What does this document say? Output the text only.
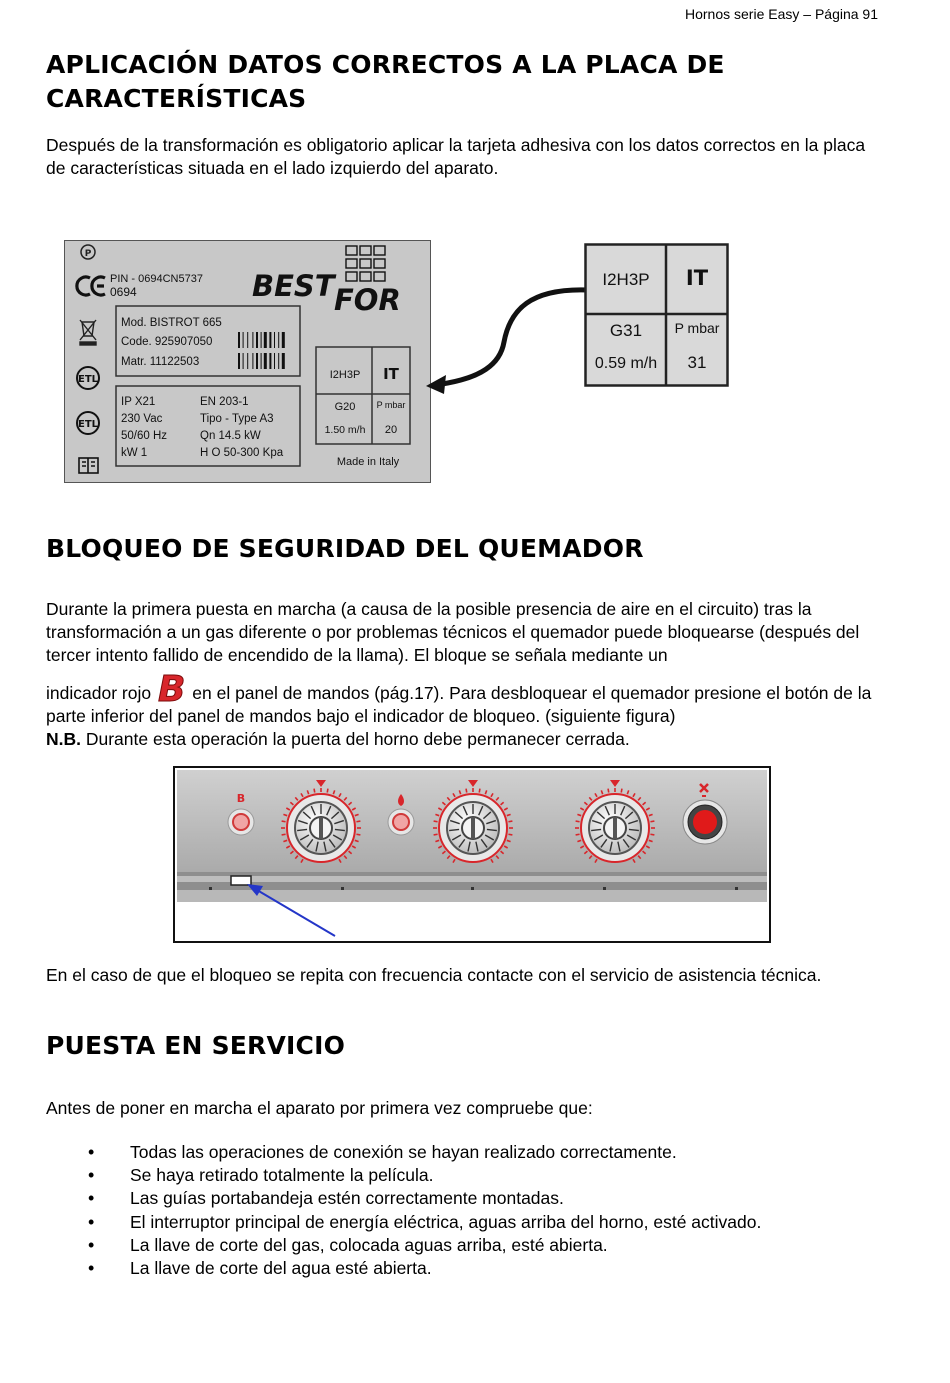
Hornos serie Easy – Página 91
APLICACIÓN DATOS CORRECTOS A LA PLACA DE CARACTERÍSTICAS

Después de la transformación es obligatorio aplicar la tarjeta adhesiva con los datos correctos en la placa de características situada en el lado izquierdo del aparato.

P
PIN - 0694CN5737
0694	BEST FOR
ETL
ETL
Mod. BISTROT 665
Code. 925907050
Matr. 11122503
IP X21
230 Vac
50/60 Hz
kW 1
EN 203-1
Tipo - Type A3
Qn 14.5 kW
H O 50-300 Kpa
I2H3P IT
G20 P mbar
1.50 m/h 20
Made in Italy
I2H3P IT
G31 P mbar
0.59 m/h 31
BLOQUEO DE SEGURIDAD DEL QUEMADOR

Durante la primera puesta en marcha (a causa de la posible presencia de aire en el circuito) tras la transformación a un gas diferente o por problemas técnicos el quemador puede bloquearse (después del tercer intento fallido de encendido de la llama). El bloque se señala mediante un
indicador rojo B en el panel de mandos (pág.17). Para desbloquear el quemador presione el botón de la parte inferior del panel de mandos bajo el indicador de bloqueo. (siguiente figura)
N.B. Durante esta operación la puerta del horno debe permanecer cerrada.

B

En el caso de que el bloqueo se repita con frecuencia contacte con el servicio de asistencia técnica.

PUESTA EN SERVICIO

Antes de poner en marcha el aparato por primera vez compruebe que:

• Todas las operaciones de conexión se hayan realizado correctamente.
• Se haya retirado totalmente la película.
• Las guías portabandeja estén correctamente montadas.
• El interruptor principal de energía eléctrica, aguas arriba del horno, esté activado.
• La llave de corte del gas, colocada aguas arriba, esté abierta.
• La llave de corte del agua esté abierta.
